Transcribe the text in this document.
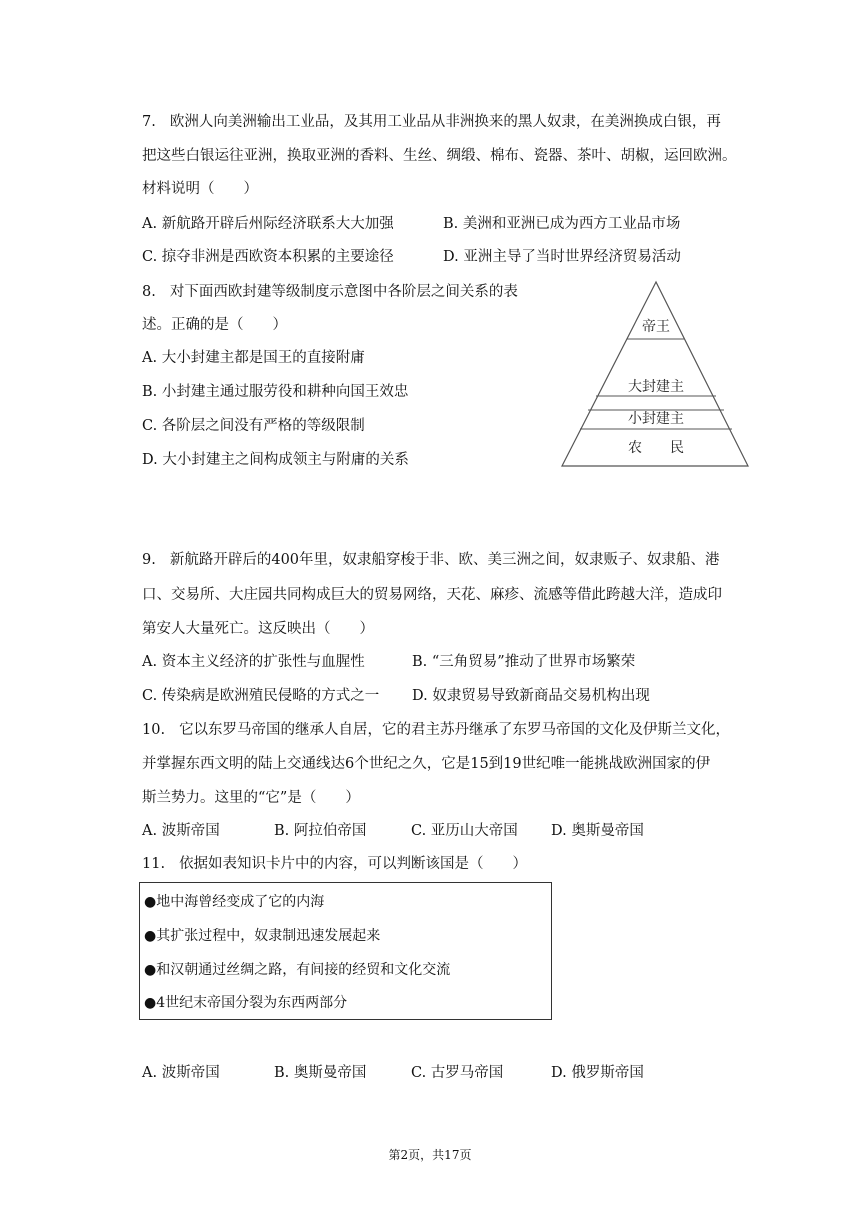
7. 欧洲人向美洲输出工业品，及其用工业品从非洲换来的黑人奴隶，在美洲换成白银，再
把这些白银运往亚洲，换取亚洲的香料、生丝、绸缎、棉布、瓷器、茶叶、胡椒，运回欧洲。
材料说明（　　）
A. 新航路开辟后州际经济联系大大加强	B. 美洲和亚洲已成为西方工业品市场
C. 掠夺非洲是西欧资本积累的主要途径	D. 亚洲主导了当时世界经济贸易活动
8. 对下面西欧封建等级制度示意图中各阶层之间关系的表
述。正确的是（　　）
A. 大小封建主都是国王的直接附庸
B. 小封建主通过服劳役和耕种向国王效忠
C. 各阶层之间没有严格的等级限制
D. 大小封建主之间构成领主与附庸的关系
帝王
大封建主
小封建主
农　　民
9. 新航路开辟后的400年里，奴隶船穿梭于非、欧、美三洲之间，奴隶贩子、奴隶船、港
口、交易所、大庄园共同构成巨大的贸易网络，天花、麻疹、流感等借此跨越大洋，造成印
第安人大量死亡。这反映出（　　）
A. 资本主义经济的扩张性与血腥性	B. “三角贸易”推动了世界市场繁荣
C. 传染病是欧洲殖民侵略的方式之一 D. 奴隶贸易导致新商品交易机构出现
10. 它以东罗马帝国的继承人自居，它的君主苏丹继承了东罗马帝国的文化及伊斯兰文化，
并掌握东西文明的陆上交通线达6个世纪之久，它是15到19世纪唯一能挑战欧洲国家的伊
斯兰势力。这里的“它”是（　　）
A. 波斯帝国	B. 阿拉伯帝国	C. 亚历山大帝国 D. 奥斯曼帝国
11. 依据如表知识卡片中的内容，可以判断该国是（　　）
●地中海曾经变成了它的内海
●其扩张过程中，奴隶制迅速发展起来
●和汉朝通过丝绸之路，有间接的经贸和文化交流
●4世纪末帝国分裂为东西两部分
A. 波斯帝国	B. 奥斯曼帝国	C. 古罗马帝国	D. 俄罗斯帝国
第2页，共17页
